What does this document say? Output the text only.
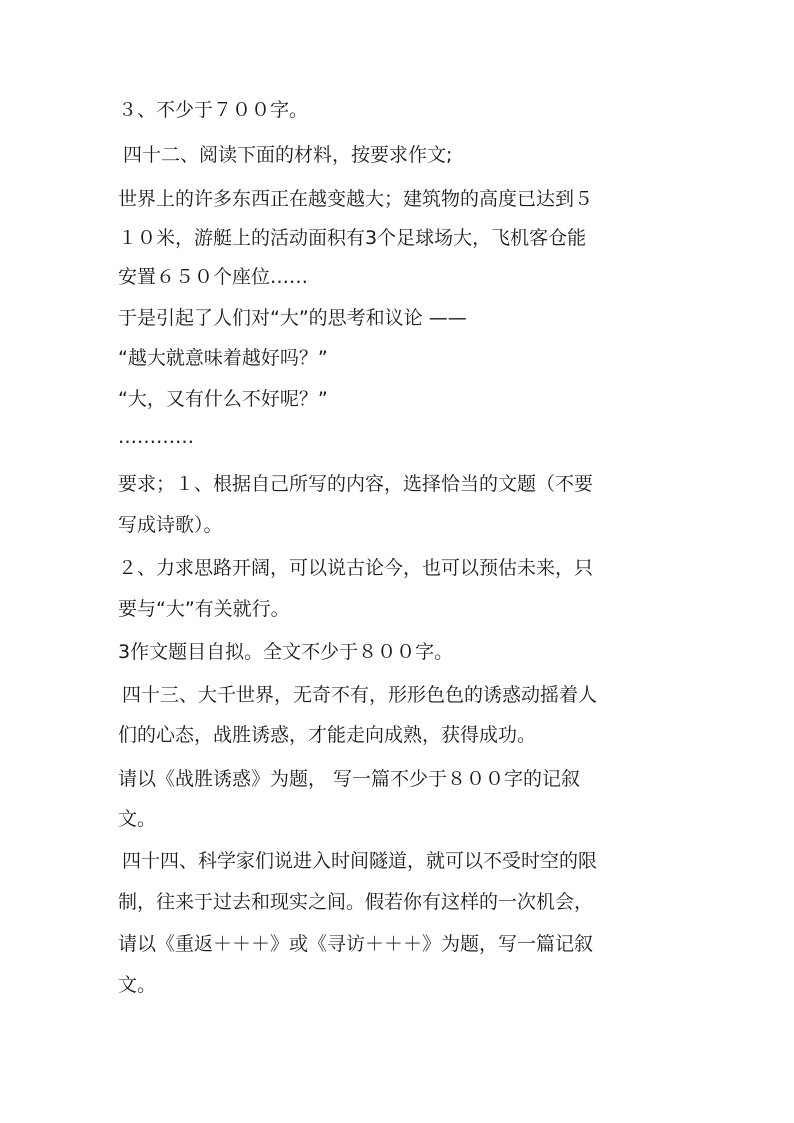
３、不少于７００字。
四十二、阅读下面的材料，按要求作文;
世界上的许多东西正在越变越大；建筑物的高度已达到５
１０米，游艇上的活动面积有3个足球场大，飞机客仓能
安置６５０个座位……
于是引起了人们对“大”的思考和议论 ——
“越大就意味着越好吗？”
“大，又有什么不好呢？”
…………
要求；１、根据自己所写的内容，选择恰当的文题（不要
写成诗歌）。
２、力求思路开阔，可以说古论今，也可以预估未来，只
要与“大”有关就行。
3作文题目自拟。全文不少于８００字。
四十三、大千世界，无奇不有，形形色色的诱惑动摇着人
们的心态，战胜诱惑，才能走向成熟，获得成功。
请以《战胜诱惑》为题， 写一篇不少于８００字的记叙
文。
四十四、科学家们说进入时间隧道，就可以不受时空的限
制，往来于过去和现实之间。假若你有这样的一次机会，
请以《重返＋＋＋》或《寻访＋＋＋》为题，写一篇记叙
文。
